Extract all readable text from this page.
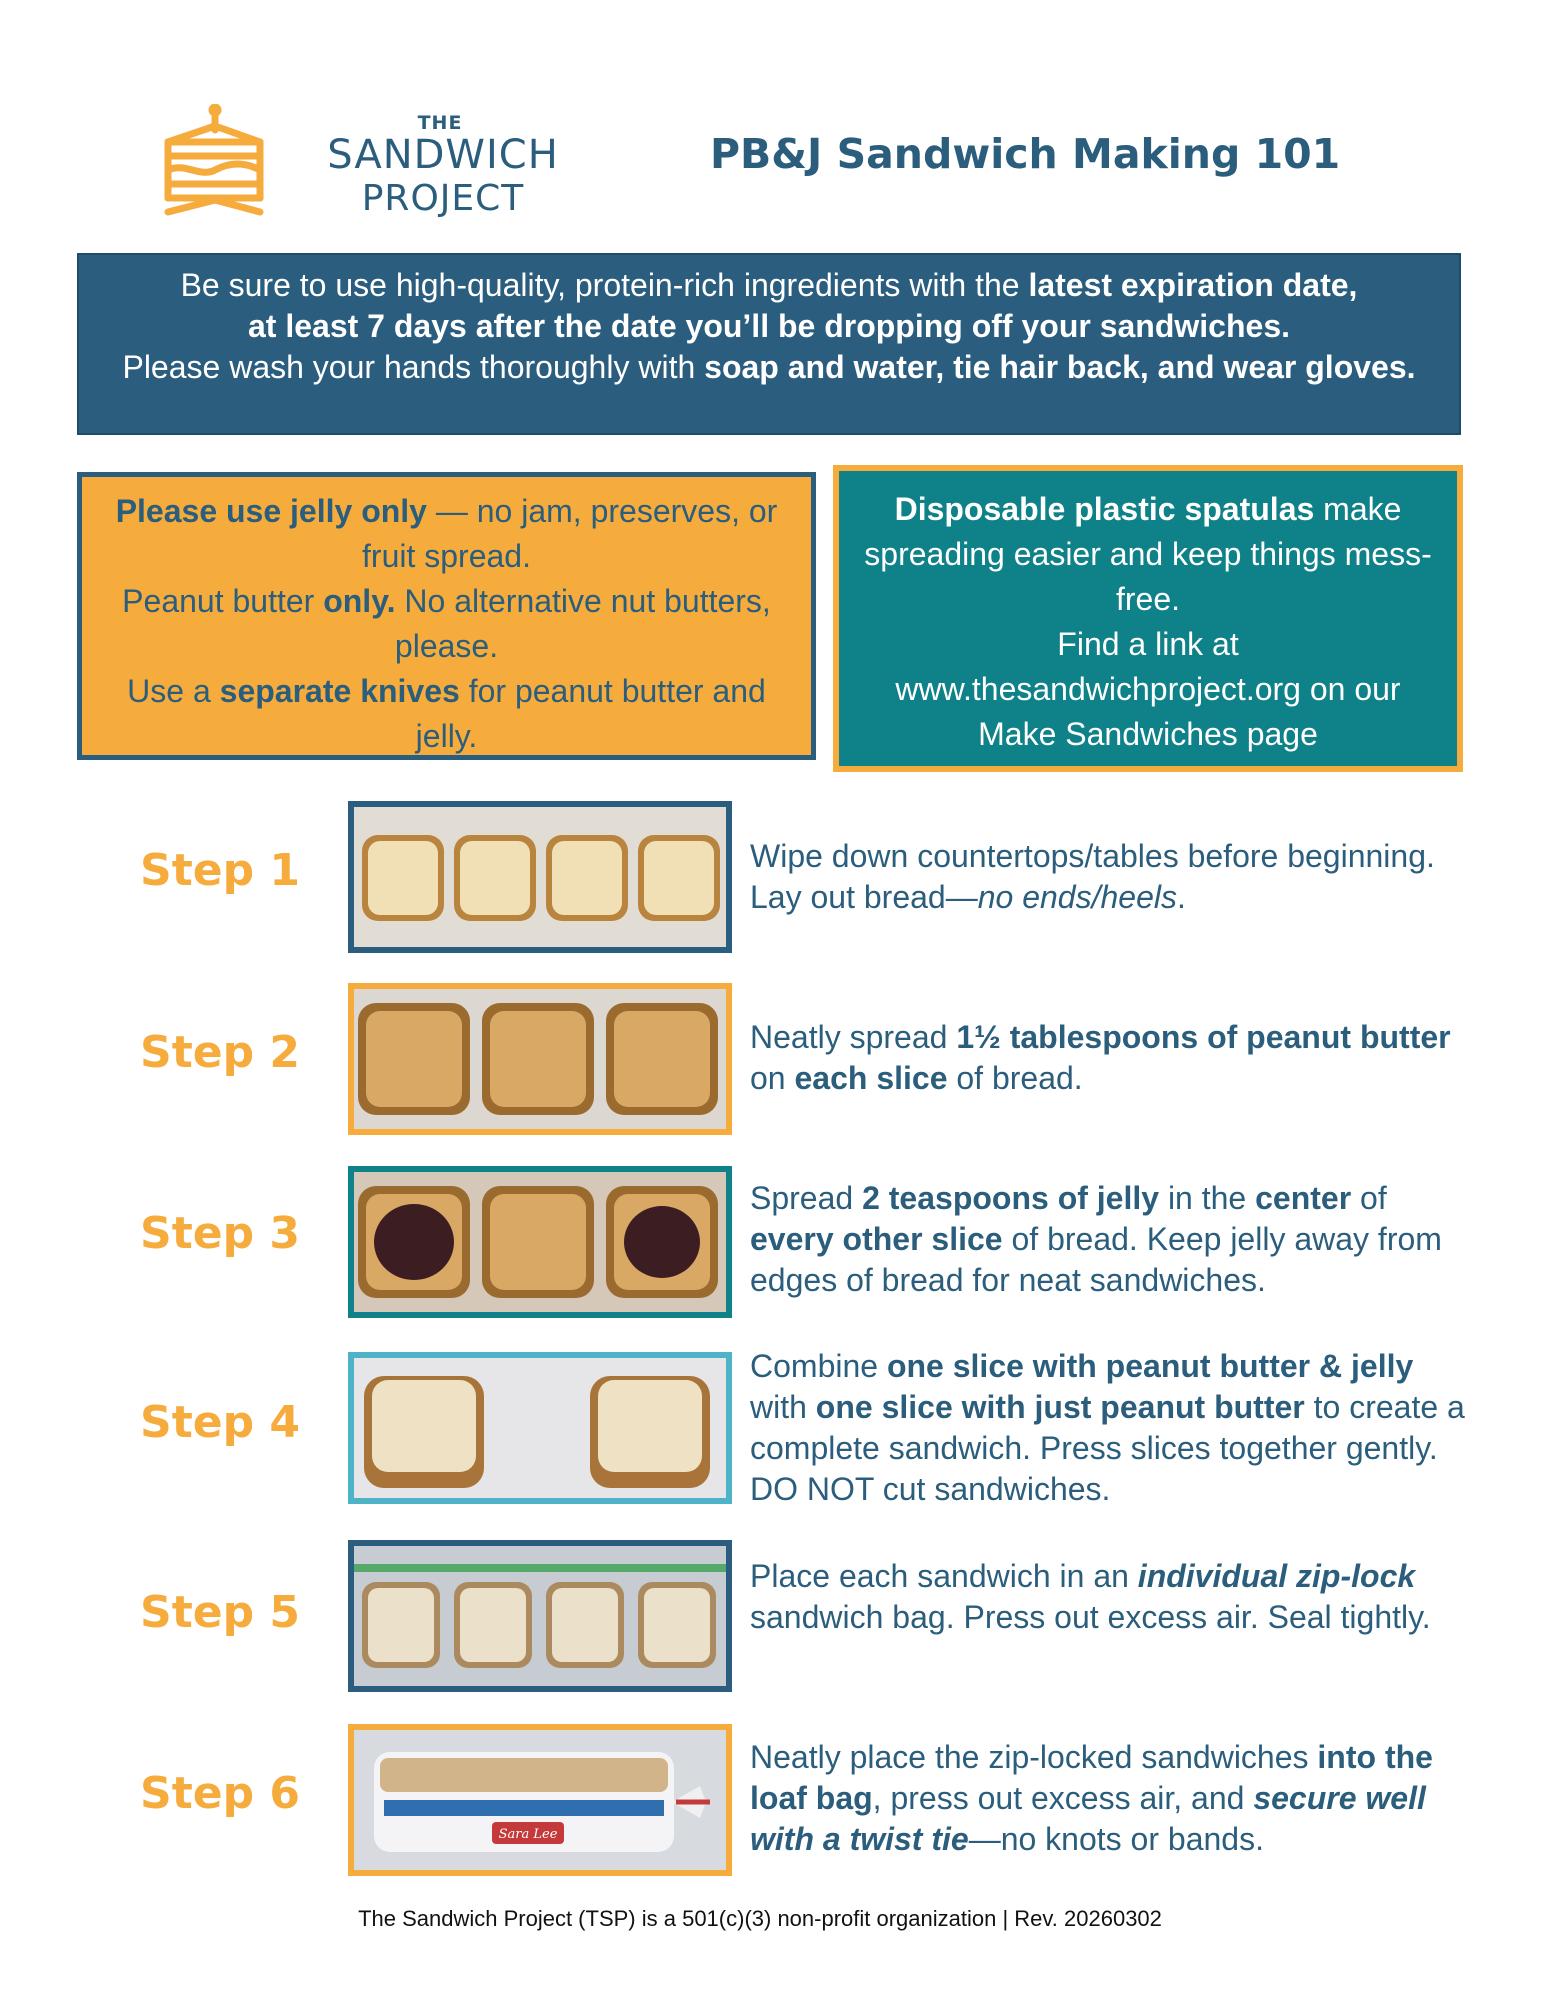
THE
SANDWICH
PROJECT
PB&J Sandwich Making 101
Be sure to use high-quality, protein-rich ingredients with the latest expiration date,
at least 7 days after the date you’ll be dropping off your sandwiches.
Please wash your hands thoroughly with soap and water, tie hair back, and wear gloves.
Please use jelly only — no jam, preserves, or fruit spread.
Peanut butter only. No alternative nut butters, please.
Use a separate knives for peanut butter and jelly.
Disposable plastic spatulas make spreading easier and keep things mess-free.
Find a link at www.thesandwichproject.org on our Make Sandwiches page
Step 1	Wipe down countertops/tables before beginning. Lay out bread—no ends/heels.
Step 2	Neatly spread 1½ tablespoons of peanut butter on each slice of bread.
Step 3
Spread 2 teaspoons of jelly in the center of every other slice of bread. Keep jelly away from edges of bread for neat sandwiches.
Step 4
Combine one slice with peanut butter & jelly with one slice with just peanut butter to create a complete sandwich. Press slices together gently. DO NOT cut sandwiches.
Step 5
Place each sandwich in an individual zip-lock sandwich bag. Press out excess air. Seal tightly.
Step 6
Sara Lee
Neatly place the zip-locked sandwiches into the loaf bag, press out excess air, and secure well with a twist tie—no knots or bands.
The Sandwich Project (TSP) is a 501(c)(3) non-profit organization | Rev. 20260302
